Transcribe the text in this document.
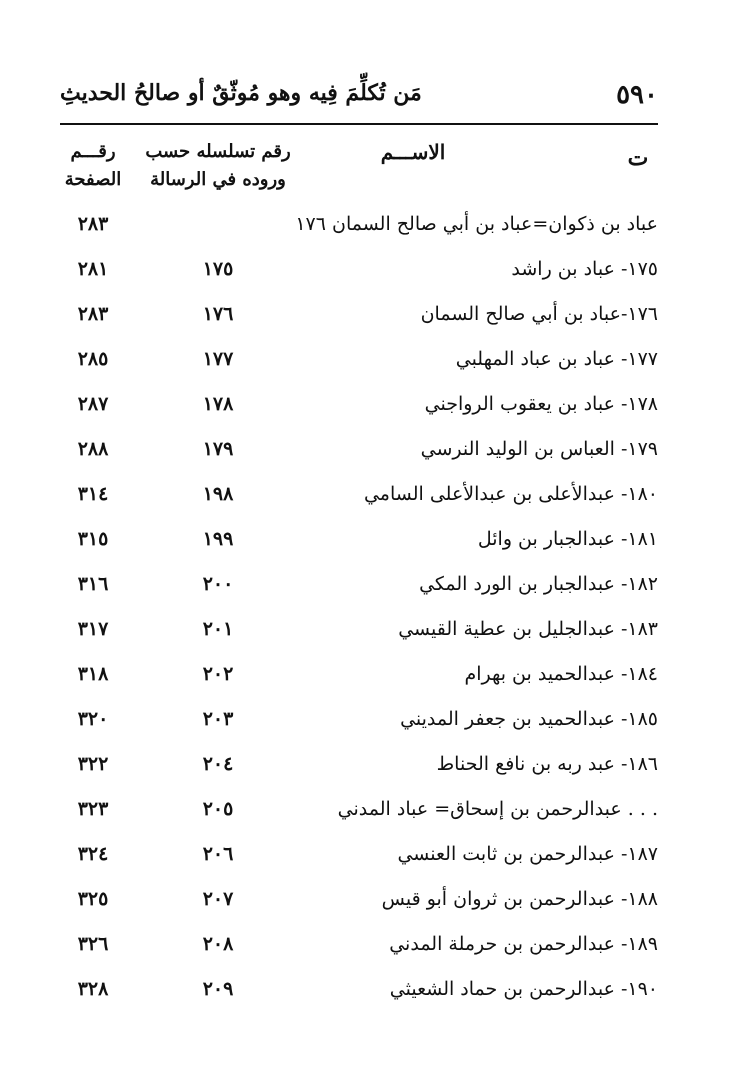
٥٩٠
مَن تُكلِّمَ فِيه وهو مُوثّقٌ أو صالحُ الحديثِ
ت
الاســـم
رقم تسلسله حسب وروده في الرسالة
رقـــم الصفحة
عباد بن ذكوان=عباد بن أبي صالح السمان ١٧٦
٢٨٣
١٧٥- عباد بن راشد
١٧٥
٢٨١
١٧٦-عباد بن أبي صالح السمان
١٧٦
٢٨٣
١٧٧- عباد بن عباد المهلبي
١٧٧
٢٨٥
١٧٨- عباد بن يعقوب الرواجني
١٧٨
٢٨٧
١٧٩- العباس بن الوليد النرسي
١٧٩
٢٨٨
١٨٠- عبدالأعلى بن عبدالأعلى السامي
١٩٨
٣١٤
١٨١- عبدالجبار بن وائل
١٩٩
٣١٥
١٨٢- عبدالجبار بن الورد المكي
٢٠٠
٣١٦
١٨٣- عبدالجليل بن عطية القيسي
٢٠١
٣١٧
١٨٤- عبدالحميد بن بهرام
٢٠٢
٣١٨
١٨٥- عبدالحميد بن جعفر المديني
٢٠٣
٣٢٠
١٨٦- عبد ربه بن نافع الحناط
٢٠٤
٣٢٢
. . . عبدالرحمن بن إسحاق= عباد المدني
٢٠٥
٣٢٣
١٨٧- عبدالرحمن بن ثابت العنسي
٢٠٦
٣٢٤
١٨٨- عبدالرحمن بن ثروان أبو قيس
٢٠٧
٣٢٥
١٨٩- عبدالرحمن بن حرملة المدني
٢٠٨
٣٢٦
١٩٠- عبدالرحمن بن حماد الشعيثي
٢٠٩
٣٢٨
